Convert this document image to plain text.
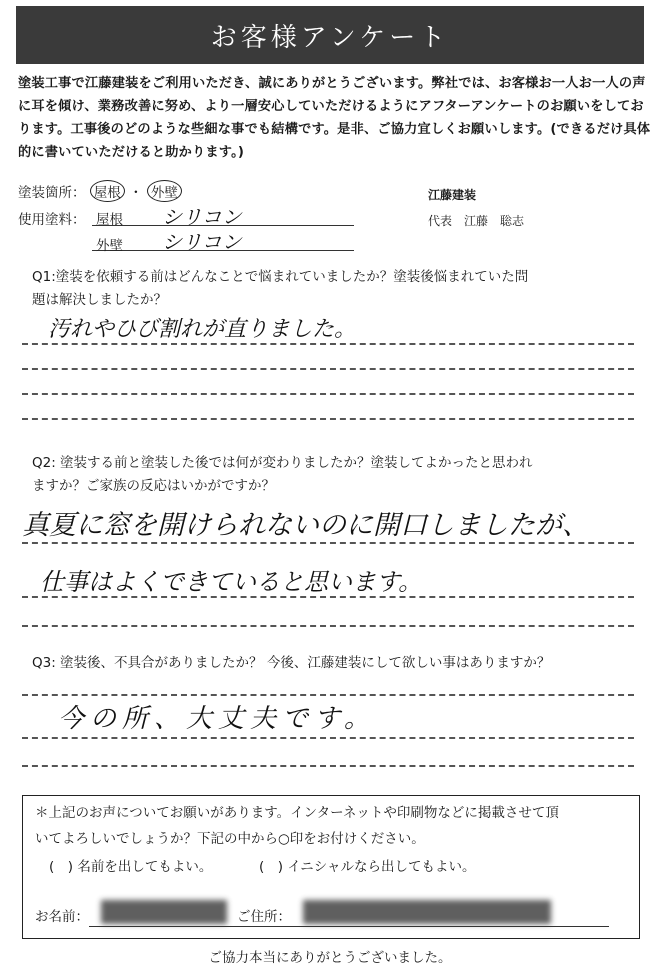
お客様アンケート
塗装工事で江藤建装をご利用いただき、誠にありがとうございます。弊社では、お客様お一人お一人の声
に耳を傾け、業務改善に努め、より一層安心していただけるようにアフターアンケートのお願いをしてお
ります。工事後のどのような些細な事でも結構です。是非、ご協力宜しくお願いします。(できるだけ具体
的に書いていただけると助かります。)
塗装箇所： 屋根 ・ 外壁
使用塗料： 屋根 シリコン
外壁 シリコン
江藤建装
代表　江藤　聡志
Q1:塗装を依頼する前はどんなことで悩まれていましたか？塗装後悩まれていた問
題は解決しましたか？
汚れやひび割れが直りました。
Q2: 塗装する前と塗装した後では何が変わりましたか？塗装してよかったと思われ
ますか？ご家族の反応はいかがですか？
真夏に窓を開けられないのに開口しましたが、
仕事はよくできていると思います。
Q3: 塗装後、不具合がありましたか？ 今後、江藤建装にして欲しい事はありますか？
今の所、大丈夫です。
＊上記のお声についてお願いがあります。インターネットや印刷物などに掲載させて頂
いてよろしいでしょうか？下記の中から○印をお付けください。
(　) 名前を出してもよい。	(　) イニシャルなら出してもよい。
お名前：	ご住所：
ご協力本当にありがとうございました。
